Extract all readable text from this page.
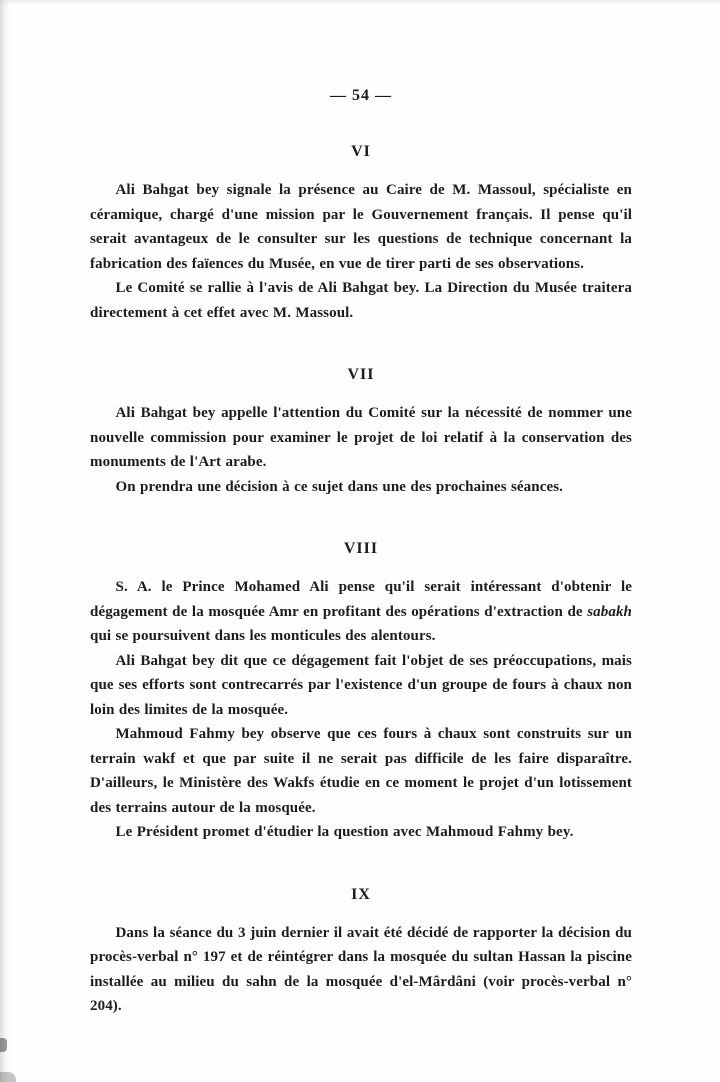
— 54 —
VI

Ali Bahgat bey signale la présence au Caire de M. Massoul, spécialiste en céramique, chargé d'une mission par le Gouvernement français. Il pense qu'il serait avantageux de le consulter sur les questions de technique concernant la fabrication des faïences du Musée, en vue de tirer parti de ses observations.

Le Comité se rallie à l'avis de Ali Bahgat bey. La Direction du Musée traitera directement à cet effet avec M. Massoul.

VII

Ali Bahgat bey appelle l'attention du Comité sur la nécessité de nommer une nouvelle commission pour examiner le projet de loi relatif à la conservation des monuments de l'Art arabe.

On prendra une décision à ce sujet dans une des prochaines séances.

VIII

S. A. le Prince Mohamed Ali pense qu'il serait intéressant d'obtenir le dégagement de la mosquée Amr en profitant des opérations d'extraction de sabakh qui se poursuivent dans les monticules des alentours.

Ali Bahgat bey dit que ce dégagement fait l'objet de ses préoccupations, mais que ses efforts sont contrecarrés par l'existence d'un groupe de fours à chaux non loin des limites de la mosquée.

Mahmoud Fahmy bey observe que ces fours à chaux sont construits sur un terrain wakf et que par suite il ne serait pas difficile de les faire disparaître. D'ailleurs, le Ministère des Wakfs étudie en ce moment le projet d'un lotissement des terrains autour de la mosquée.

Le Président promet d'étudier la question avec Mahmoud Fahmy bey.

IX

Dans la séance du 3 juin dernier il avait été décidé de rapporter la décision du procès-verbal n° 197 et de réintégrer dans la mosquée du sultan Hassan la piscine installée au milieu du sahn de la mosquée d'el-Mârdâni (voir procès-verbal n° 204).
